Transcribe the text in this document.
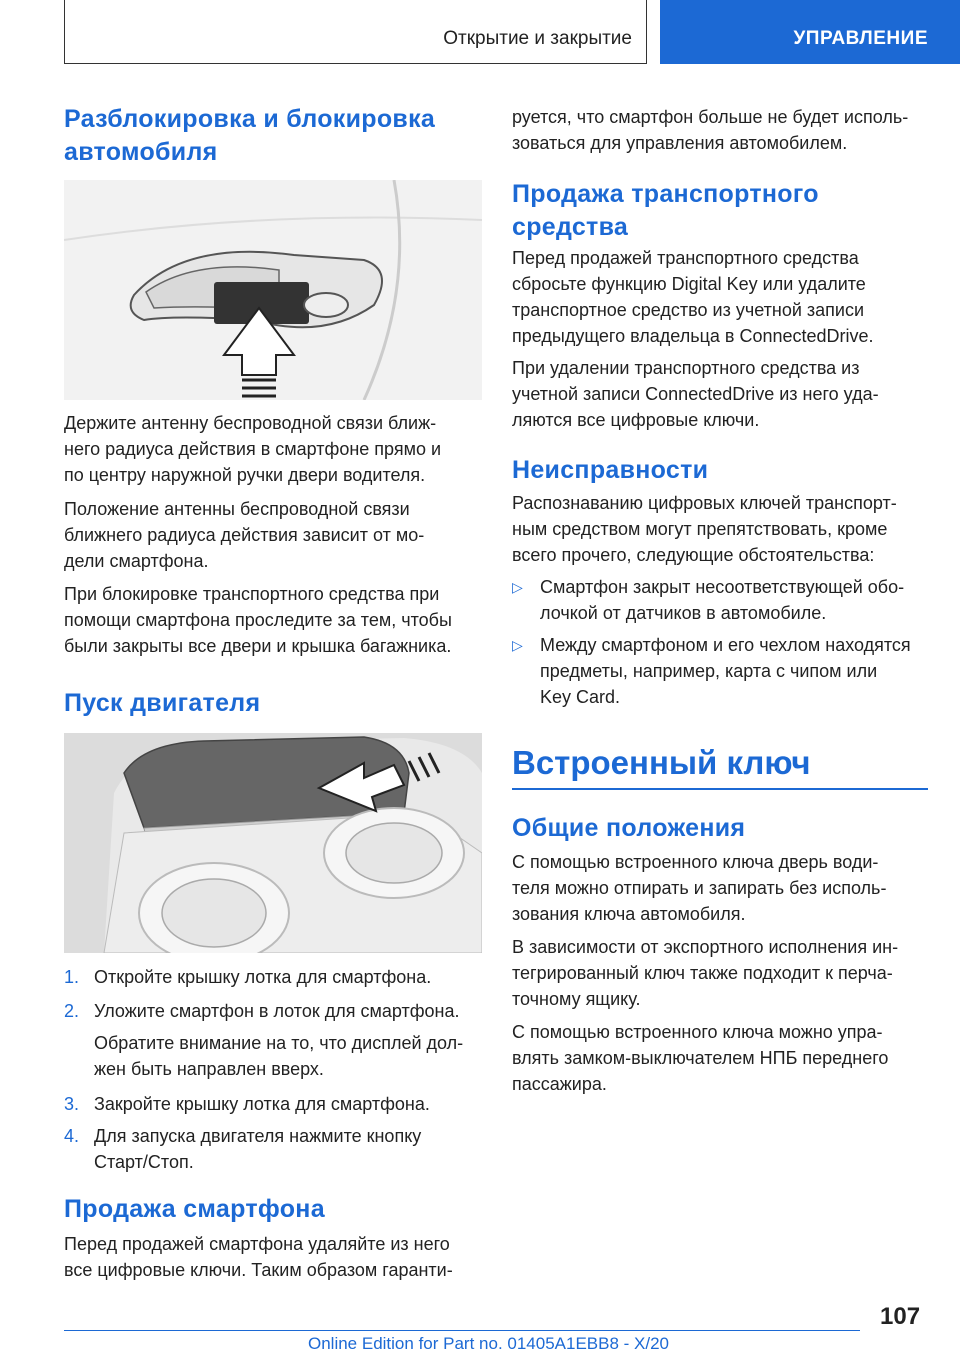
Открытие и закрытие	УПРАВЛЕНИЕ
Разблокировка и блокировка
автомобиля

Держите антенну беспроводной связи ближ-
него радиуса действия в смартфоне прямо и
по центру наружной ручки двери водителя.

Положение антенны беспроводной связи
ближнего радиуса действия зависит от мо-
дели смартфона.

При блокировке транспортного средства при
помощи смартфона проследите за тем, чтобы
были закрыты все двери и крышка багажника.

Пуск двигателя
1. Откройте крышку лотка для смартфона.
2. Уложите смартфон в лоток для смартфона.
Обратите внимание на то, что дисплей дол-
жен быть направлен вверх.
3. Закройте крышку лотка для смартфона.
4. Для запуска двигателя нажмите кнопку
Старт/Стоп.
Продажа смартфона

Перед продажей смартфона удаляйте из него
все цифровые ключи. Таким образом гаранти-

руется, что смартфон больше не будет исполь-
зоваться для управления автомобилем.

Продажа транспортного
средства

Перед продажей транспортного средства
сбросьте функцию Digital Key или удалите
транспортное средство из учетной записи
предыдущего владельца в ConnectedDrive.

При удалении транспортного средства из
учетной записи ConnectedDrive из него уда-
ляются все цифровые ключи.

Неисправности

Распознаванию цифровых ключей транспорт-
ным средством могут препятствовать, кроме
всего прочего, следующие обстоятельства:

▷ Смартфон закрыт несоответствующей обо-
лочкой от датчиков в автомобиле.
▷ Между смартфоном и его чехлом находятся
предметы, например, карта с чипом или
Key Card.
Встроенный ключ
Общие положения

С помощью встроенного ключа дверь води-
теля можно отпирать и запирать без исполь-
зования ключа автомобиля.

В зависимости от экспортного исполнения ин-
тегрированный ключ также подходит к перча-
точному ящику.

С помощью встроенного ключа можно упра-
влять замком-выключателем НПБ переднего
пассажира.

107
Online Edition for Part no. 01405A1EBB8 - X/20
